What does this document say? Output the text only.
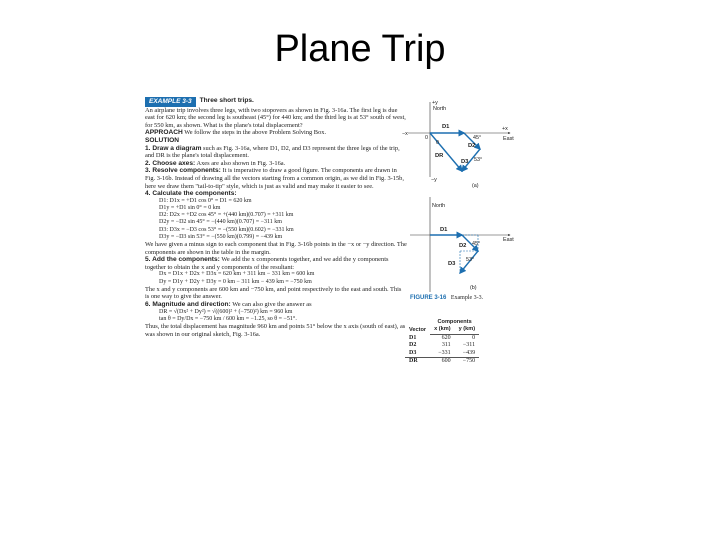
Plane Trip
EXAMPLE 3-3	Three short trips.

An airplane trip involves three legs, with two stopovers as shown in Fig. 3-16a. The first leg is due east for 620 km; the second leg is southeast (45°) for 440 km; and the third leg is at 53° south of west, for 550 km, as shown. What is the plane's total displacement?

APPROACH We follow the steps in the above Problem Solving Box.

SOLUTION

1. Draw a diagram such as Fig. 3-16a, where D1, D2, and D3 represent the three legs of the trip, and DR is the plane's total displacement.

2. Choose axes: Axes are also shown in Fig. 3-16a.

3. Resolve components: It is imperative to draw a good figure. The components are drawn in Fig. 3-16b. Instead of drawing all the vectors starting from a common origin, as we did in Fig. 3-15b, here we draw them "tail-to-tip" style, which is just as valid and may make it easier to see.

4. Calculate the components:

D1: D1x = +D1 cos 0° = D1 = 620 km
D1y = +D1 sin 0° = 0 km
D2: D2x = +D2 cos 45° = +(440 km)(0.707) = +311 km
D2y = −D2 sin 45° = −(440 km)(0.707) = −311 km
D3: D3x = −D3 cos 53° = −(550 km)(0.602) = −331 km
D3y = −D3 sin 53° = −(550 km)(0.799) = −439 km

We have given a minus sign to each component that in Fig. 3-16b points in the −x or −y direction. The components are shown in the table in the margin.

5. Add the components: We add the x components together, and we add the y components together to obtain the x and y components of the resultant:

Dx = D1x + D2x + D3x = 620 km + 311 km − 331 km = 600 km
Dy = D1y + D2y + D3y = 0 km − 311 km − 439 km = −750 km

The x and y components are 600 km and −750 km, and point respectively to the east and south. This is one way to give the answer.

6. Magnitude and direction: We can also give the answer as

DR = √(Dx² + Dy²) = √((600)² + (−750)²) km = 960 km
tan θ = Dy/Dx = −750 km / 600 km = −1.25, so θ = −51°.

Thus, the total displacement has magnitude 960 km and points 51° below the x axis (south of east), as was shown in our original sketch, Fig. 3-16a.

+y
North
−x
+x
East
0
−y
D1
45°
D2
53°
D3
DR
θ
(a)
North
East
D1
45°
D2
53°
D3
(b)
FIGURE 3-16 Example 3-3.
Vector	Components	
	x (km)	y (km)
D1	620	0
D2	311	−311
D3	−331	−439
DR	600	−750
